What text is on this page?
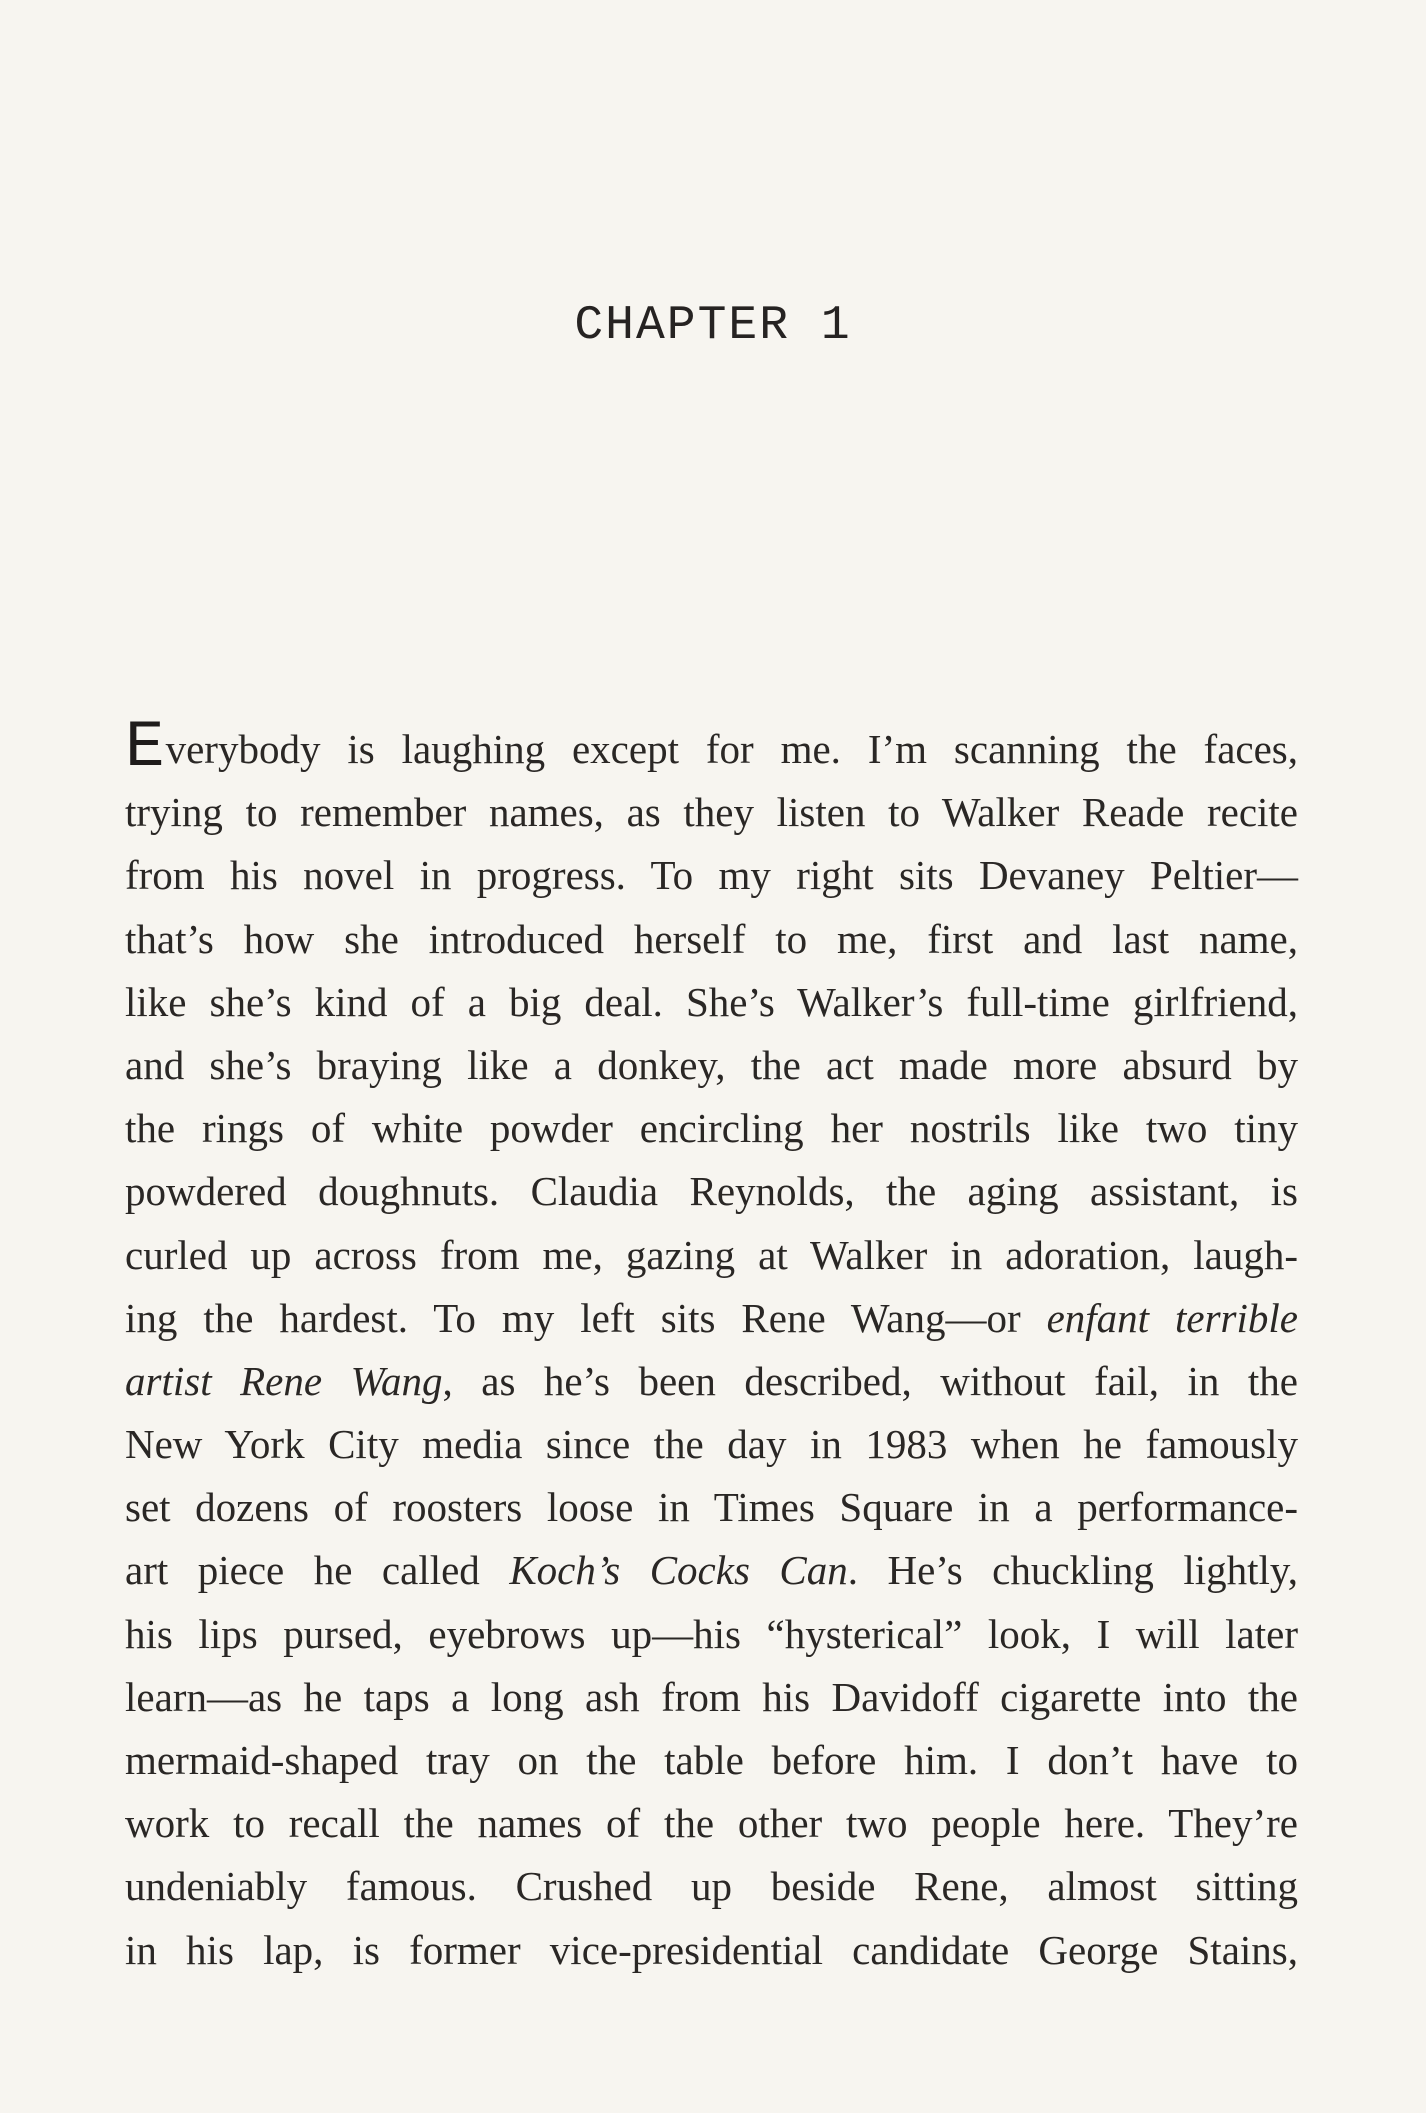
CHAPTER 1
Everybody is laughing except for me. I’m scanning the faces,
trying to remember names, as they listen to Walker Reade recite
from his novel in progress. To my right sits Devaney Peltier—
that’s how she introduced herself to me, first and last name,
like she’s kind of a big deal. She’s Walker’s full-time girlfriend,
and she’s braying like a donkey, the act made more absurd by
the rings of white powder encircling her nostrils like two tiny
powdered doughnuts. Claudia Reynolds, the aging assistant, is
curled up across from me, gazing at Walker in adoration, laugh-
ing the hardest. To my left sits Rene Wang—or enfant terrible
artist Rene Wang, as he’s been described, without fail, in the
New York City media since the day in 1983 when he famously
set dozens of roosters loose in Times Square in a performance-
art piece he called Koch’s Cocks Can. He’s chuckling lightly,
his lips pursed, eyebrows up—his “hysterical” look, I will later
learn—as he taps a long ash from his Davidoff cigarette into the
mermaid-shaped tray on the table before him. I don’t have to
work to recall the names of the other two people here. They’re
undeniably famous. Crushed up beside Rene, almost sitting
in his lap, is former vice-presidential candidate George Stains,
